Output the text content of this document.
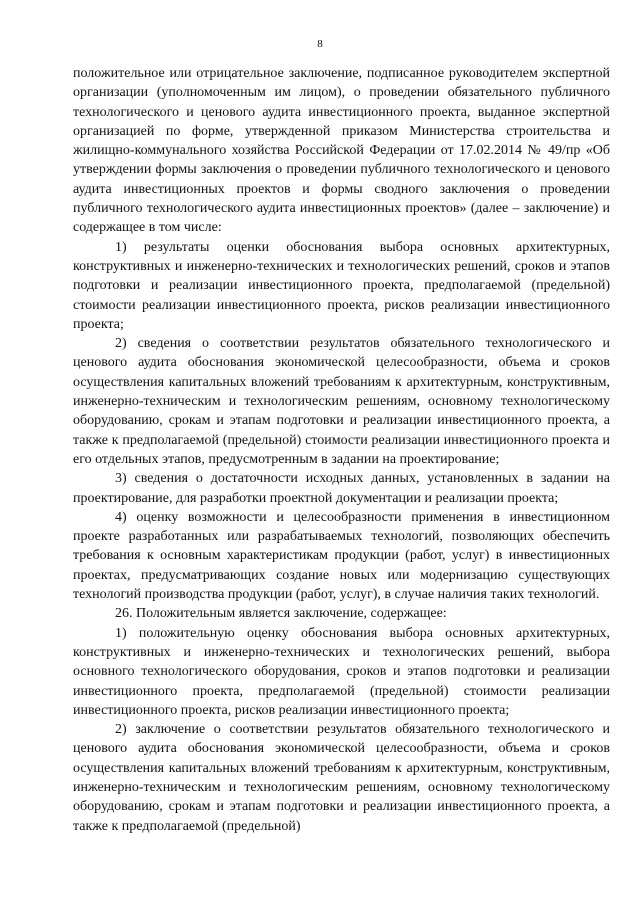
8

положительное или отрицательное заключение, подписанное руководителем экспертной организации (уполномоченным им лицом), о проведении обязательного публичного технологического и ценового аудита инвестиционного проекта, выданное экспертной организацией по форме, утвержденной приказом Министерства строительства и жилищно-коммунального хозяйства Российской Федерации от 17.02.2014 № 49/пр «Об утверждении формы заключения о проведении публичного технологического и ценового аудита инвестиционных проектов и формы сводного заключения о проведении публичного технологического аудита инвестиционных проектов» (далее – заключение) и содержащее в том числе:

1) результаты оценки обоснования выбора основных архитектурных, конструктивных и инженерно-технических и технологических решений, сроков и этапов подготовки и реализации инвестиционного проекта, предполагаемой (предельной) стоимости реализации инвестиционного проекта, рисков реализации инвестиционного проекта;

2) сведения о соответствии результатов обязательного технологического и ценового аудита обоснования экономической целесообразности, объема и сроков осуществления капитальных вложений требованиям к архитектурным, конструктивным, инженерно-техническим и технологическим решениям, основному технологическому оборудованию, срокам и этапам подготовки и реализации инвестиционного проекта, а также к предполагаемой (предельной) стоимости реализации инвестиционного проекта и его отдельных этапов, предусмотренным в задании на проектирование;

3) сведения о достаточности исходных данных, установленных в задании на проектирование, для разработки проектной документации и реализации проекта;

4) оценку возможности и целесообразности применения в инвестиционном проекте разработанных или разрабатываемых технологий, позволяющих обеспечить требования к основным характеристикам продукции (работ, услуг) в инвестиционных проектах, предусматривающих создание новых или модернизацию существующих технологий производства продукции (работ, услуг), в случае наличия таких технологий.

26. Положительным является заключение, содержащее:

1) положительную оценку обоснования выбора основных архитектурных, конструктивных и инженерно-технических и технологических решений, выбора основного технологического оборудования, сроков и этапов подготовки и реализации инвестиционного проекта, предполагаемой (предельной) стоимости реализации инвестиционного проекта, рисков реализации инвестиционного проекта;

2) заключение о соответствии результатов обязательного технологического и ценового аудита обоснования экономической целесообразности, объема и сроков осуществления капитальных вложений требованиям к архитектурным, конструктивным, инженерно-техническим и технологическим решениям, основному технологическому оборудованию, срокам и этапам подготовки и реализации инвестиционного проекта, а также к предполагаемой (предельной)
